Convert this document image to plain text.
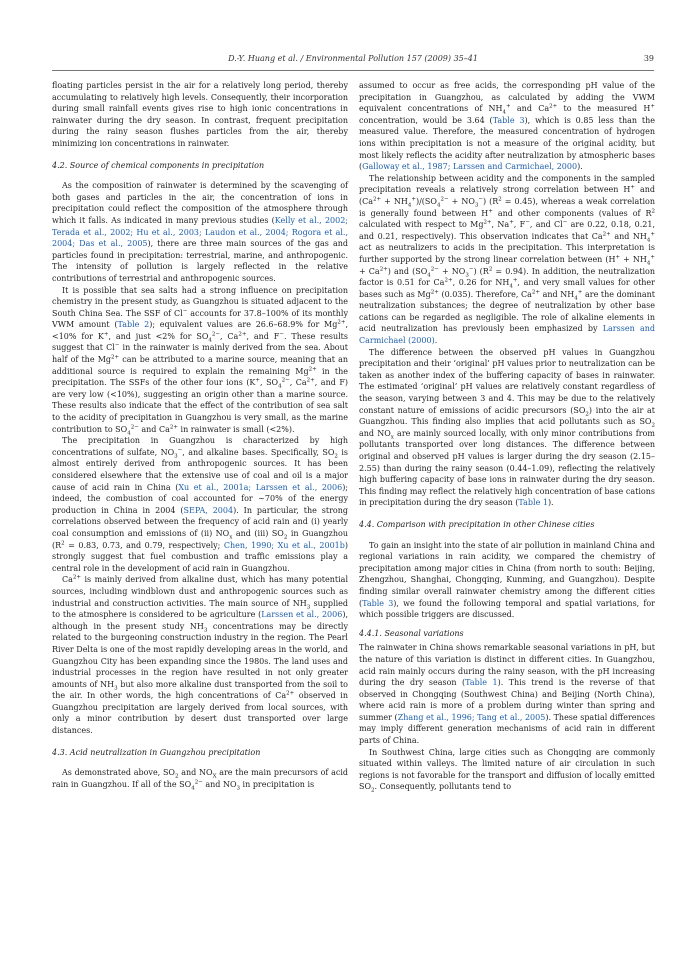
D.-Y. Huang et al. / Environmental Pollution 157 (2009) 35–41	39

floating particles persist in the air for a relatively long period, thereby accumulating to relatively high levels. Consequently, their incorporation during small rainfall events gives rise to high ionic concentrations in rainwater during the dry season. In contrast, frequent precipitation during the rainy season flushes particles from the air, thereby minimizing ion concentrations in rainwater.

4.2. Source of chemical components in precipitation

As the composition of rainwater is determined by the scavenging of both gases and particles in the air, the concentration of ions in precipitation could reflect the composition of the atmosphere through which it falls. As indicated in many previous studies (Kelly et al., 2002; Terada et al., 2002; Hu et al., 2003; Laudon et al., 2004; Rogora et al., 2004; Das et al., 2005), there are three main sources of the gas and particles found in precipitation: terrestrial, marine, and anthropogenic. The intensity of pollution is largely reflected in the relative contributions of terrestrial and anthropogenic sources.

It is possible that sea salts had a strong influence on precipitation chemistry in the present study, as Guangzhou is situated adjacent to the South China Sea. The SSF of Cl− accounts for 37.8–100% of its monthly VWM amount (Table 2); equivalent values are 26.6–68.9% for $Mg^{2+}$, <10% for K+, and just <2% for $SO_4^{2-}$, $Ca^{2+}$, and F−. These results suggest that Cl− in the rainwater is mainly derived from the sea. About half of the $Mg^{2+}$ can be attributed to a marine source, meaning that an additional source is required to explain the remaining $Mg^{2+}$ in the precipitation. The SSFs of the other four ions (K+, $SO_4^{2-}$, $Ca^{2+}$, and F) are very low (<10%), suggesting an origin other than a marine source. These results also indicate that the effect of the contribution of sea salt to the acidity of precipitation in Guangzhou is very small, as the marine contribution to $SO_4^{2-}$ and $Ca^{2+}$ in rainwater is small (<2%).

The precipitation in Guangzhou is characterized by high concentrations of sulfate, $NO_3^-$, and alkaline bases. Specifically, $SO_2$ is almost entirely derived from anthropogenic sources. It has been considered elsewhere that the extensive use of coal and oil is a major cause of acid rain in China (Xu et al., 2001a; Larssen et al., 2006); indeed, the combustion of coal accounted for ∼70% of the energy production in China in 2004 (SEPA, 2004). In particular, the strong correlations observed between the frequency of acid rain and (i) yearly coal consumption and emissions of (ii) $NO_x$ and (iii) $SO_2$ in Guangzhou ($R^2 = 0.83$, 0.73, and 0.79, respectively; Chen, 1990; Xu et al., 2001b) strongly suggest that fuel combustion and traffic emissions play a central role in the development of acid rain in Guangzhou.

$Ca^{2+}$ is mainly derived from alkaline dust, which has many potential sources, including windblown dust and anthropogenic sources such as industrial and construction activities. The main source of $NH_3$ supplied to the atmosphere is considered to be agriculture (Larssen et al., 2006), although in the present study $NH_3$ concentrations may be directly related to the burgeoning construction industry in the region. The Pearl River Delta is one of the most rapidly developing areas in the world, and Guangzhou City has been expanding since the 1980s. The land uses and industrial processes in the region have resulted in not only greater amounts of $NH_3$ but also more alkaline dust transported from the soil to the air. In other words, the high concentrations of $Ca^{2+}$ observed in Guangzhou precipitation are largely derived from local sources, with only a minor contribution by desert dust transported over large distances.

4.3. Acid neutralization in Guangzhou precipitation

As demonstrated above, $SO_2$ and $NO_X$ are the main precursors of acid rain in Guangzhou. If all of the $SO_4^{2-}$ and $NO_3$ in precipitation is

assumed to occur as free acids, the corresponding pH value of the precipitation in Guangzhou, as calculated by adding the VWM equivalent concentrations of $NH_4^+$ and $Ca^{2+}$ to the measured H+ concentration, would be 3.64 (Table 3), which is 0.85 less than the measured value. Therefore, the measured concentration of hydrogen ions within precipitation is not a measure of the original acidity, but most likely reflects the acidity after neutralization by atmospheric bases (Galloway et al., 1987; Larssen and Carmichael, 2000).

The relationship between acidity and the components in the sampled precipitation reveals a relatively strong correlation between H+ and $(Ca^{2+} + NH_4^+)/(SO_4^{2-} + NO_3^-) (R^2 = 0.45)$, whereas a weak correlation is generally found between H+ and other components (values of $R^2$ calculated with respect to $Mg^{2+}$, Na+, F−, and Cl− are 0.22, 0.18, 0.21, and 0.21, respectively). This observation indicates that $Ca^{2+}$ and $NH_4^+$ act as neutralizers to acids in the precipitation. This interpretation is further supported by the strong linear correlation between $(H^+ + NH_4^+ + Ca^{2+})$ and $(SO_4^{2-} + NO_3^-) (R^2 = 0.94)$. In addition, the neutralization factor is 0.51 for $Ca^{2+}$, 0.26 for $NH_4^+$, and very small values for other bases such as $Mg^{2+}$ (0.035). Therefore, $Ca^{2+}$ and $NH_4^+$ are the dominant neutralization substances; the degree of neutralization by other base cations can be regarded as negligible. The role of alkaline elements in acid neutralization has previously been emphasized by Larssen and Carmichael (2000).

The difference between the observed pH values in Guangzhou precipitation and their ‘original’ pH values prior to neutralization can be taken as another index of the buffering capacity of bases in rainwater. The estimated ‘original’ pH values are relatively constant regardless of the season, varying between 3 and 4. This may be due to the relatively constant nature of emissions of acidic precursors $(SO_2)$ into the air at Guangzhou. This finding also implies that acid pollutants such as $SO_2$ and $NO_x$ are mainly sourced locally, with only minor contributions from pollutants transported over long distances. The difference between original and observed pH values is larger during the dry season (2.15–2.55) than during the rainy season (0.44–1.09), reflecting the relatively high buffering capacity of base ions in rainwater during the dry season. This finding may reflect the relatively high concentration of base cations in precipitation during the dry season (Table 1).

4.4. Comparison with precipitation in other Chinese cities

To gain an insight into the state of air pollution in mainland China and regional variations in rain acidity, we compared the chemistry of precipitation among major cities in China (from north to south: Beijing, Zhengzhou, Shanghai, Chongqing, Kunming, and Guangzhou). Despite finding similar overall rainwater chemistry among the different cities (Table 3), we found the following temporal and spatial variations, for which possible triggers are discussed.

4.4.1. Seasonal variations

The rainwater in China shows remarkable seasonal variations in pH, but the nature of this variation is distinct in different cities. In Guangzhou, acid rain mainly occurs during the rainy season, with the pH increasing during the dry season (Table 1). This trend is the reverse of that observed in Chongqing (Southwest China) and Beijing (North China), where acid rain is more of a problem during winter than spring and summer (Zhang et al., 1996; Tang et al., 2005). These spatial differences may imply different generation mechanisms of acid rain in different parts of China.

In Southwest China, large cities such as Chongqing are commonly situated within valleys. The limited nature of air circulation in such regions is not favorable for the transport and diffusion of locally emitted $SO_2$. Consequently, pollutants tend to
